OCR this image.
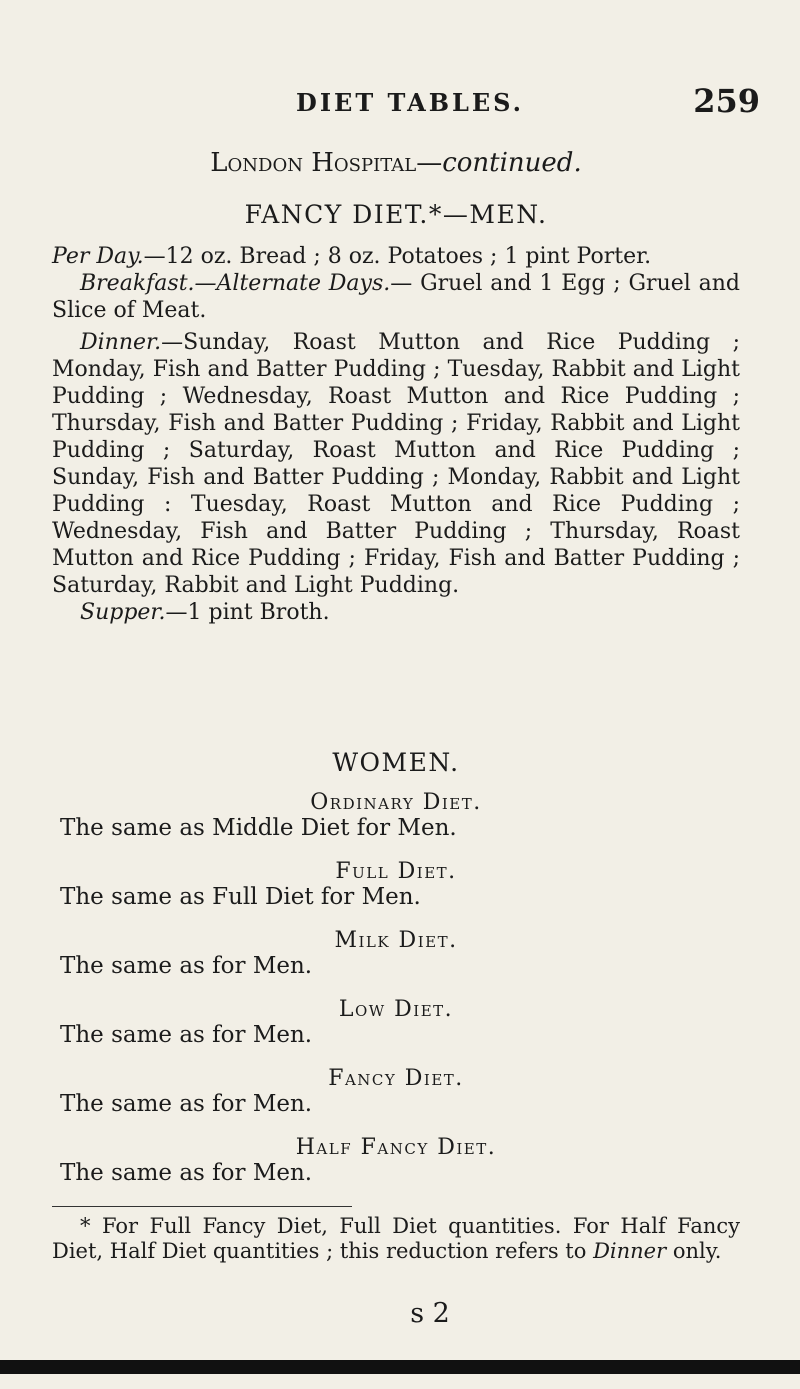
DIET TABLES.	259

London Hospital—continued.

FANCY DIET.*—MEN.

Per Day.—12 oz. Bread ; 8 oz. Potatoes ; 1 pint Porter.

Breakfast.—Alternate Days.— Gruel and 1 Egg ; Gruel and Slice of Meat.

Dinner.—Sunday, Roast Mutton and Rice Pudding ; Monday, Fish and Batter Pudding ; Tuesday, Rabbit and Light Pudding ; Wednesday, Roast Mutton and Rice Pudding ; Thursday, Fish and Batter Pudding ; Friday, Rabbit and Light Pudding ; Saturday, Roast Mutton and Rice Pudding ; Sunday, Fish and Batter Pudding ; Monday, Rabbit and Light Pudding : Tuesday, Roast Mutton and Rice Pudding ; Wednesday, Fish and Batter Pudding ; Thursday, Roast Mutton and Rice Pudding ; Friday, Fish and Batter Pudding ; Saturday, Rabbit and Light Pudding.

Supper.—1 pint Broth.

WOMEN.

Ordinary Diet.

The same as Middle Diet for Men.

Full Diet.

The same as Full Diet for Men.

Milk Diet.

The same as for Men.

Low Diet.

The same as for Men.

Fancy Diet.

The same as for Men.

Half Fancy Diet.

The same as for Men.

* For Full Fancy Diet, Full Diet quantities. For Half Fancy Diet, Half Diet quantities ; this reduction refers to Dinner only.

s 2
